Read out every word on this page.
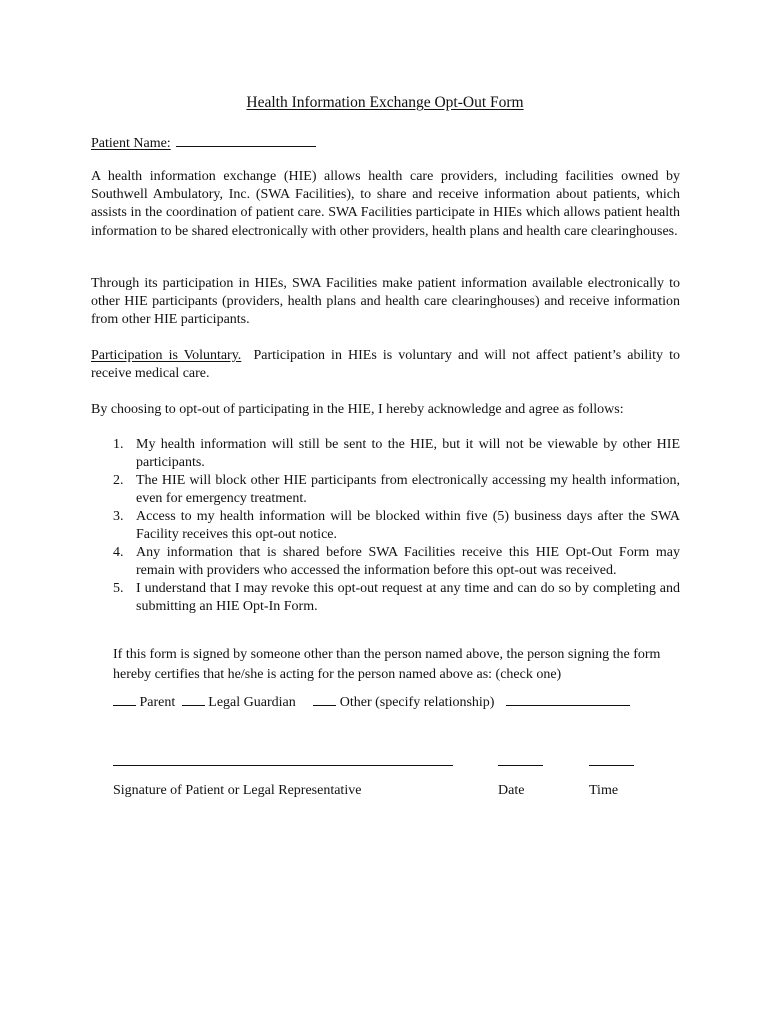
Health Information Exchange Opt-Out Form
Patient Name:

A health information exchange (HIE) allows health care providers, including facilities owned by Southwell Ambulatory, Inc. (SWA Facilities), to share and receive information about patients, which assists in the coordination of patient care. SWA Facilities participate in HIEs which allows patient health information to be shared electronically with other providers, health plans and health care clearinghouses.

Through its participation in HIEs, SWA Facilities make patient information available electronically to other HIE participants (providers, health plans and health care clearinghouses) and receive information from other HIE participants.

Participation is Voluntary.  Participation in HIEs is voluntary and will not affect patient’s ability to receive medical care.

By choosing to opt-out of participating in the HIE, I hereby acknowledge and agree as follows:

1. My health information will still be sent to the HIE, but it will not be viewable by other HIE participants.
2. The HIE will block other HIE participants from electronically accessing my health information, even for emergency treatment.
3. Access to my health information will be blocked within five (5) business days after the SWA Facility receives this opt-out notice.
4. Any information that is shared before SWA Facilities receive this HIE Opt-Out Form may remain with providers who accessed the information before this opt-out was received.
5. I understand that I may revoke this opt-out request at any time and can do so by completing and submitting an HIE Opt-In Form.

If this form is signed by someone other than the person named above, the person signing the form hereby certifies that he/she is acting for the person named above as: (check one)

Parent Legal Guardian	Other (specify relationship)
Signature of Patient or Legal Representative	Date	Time
